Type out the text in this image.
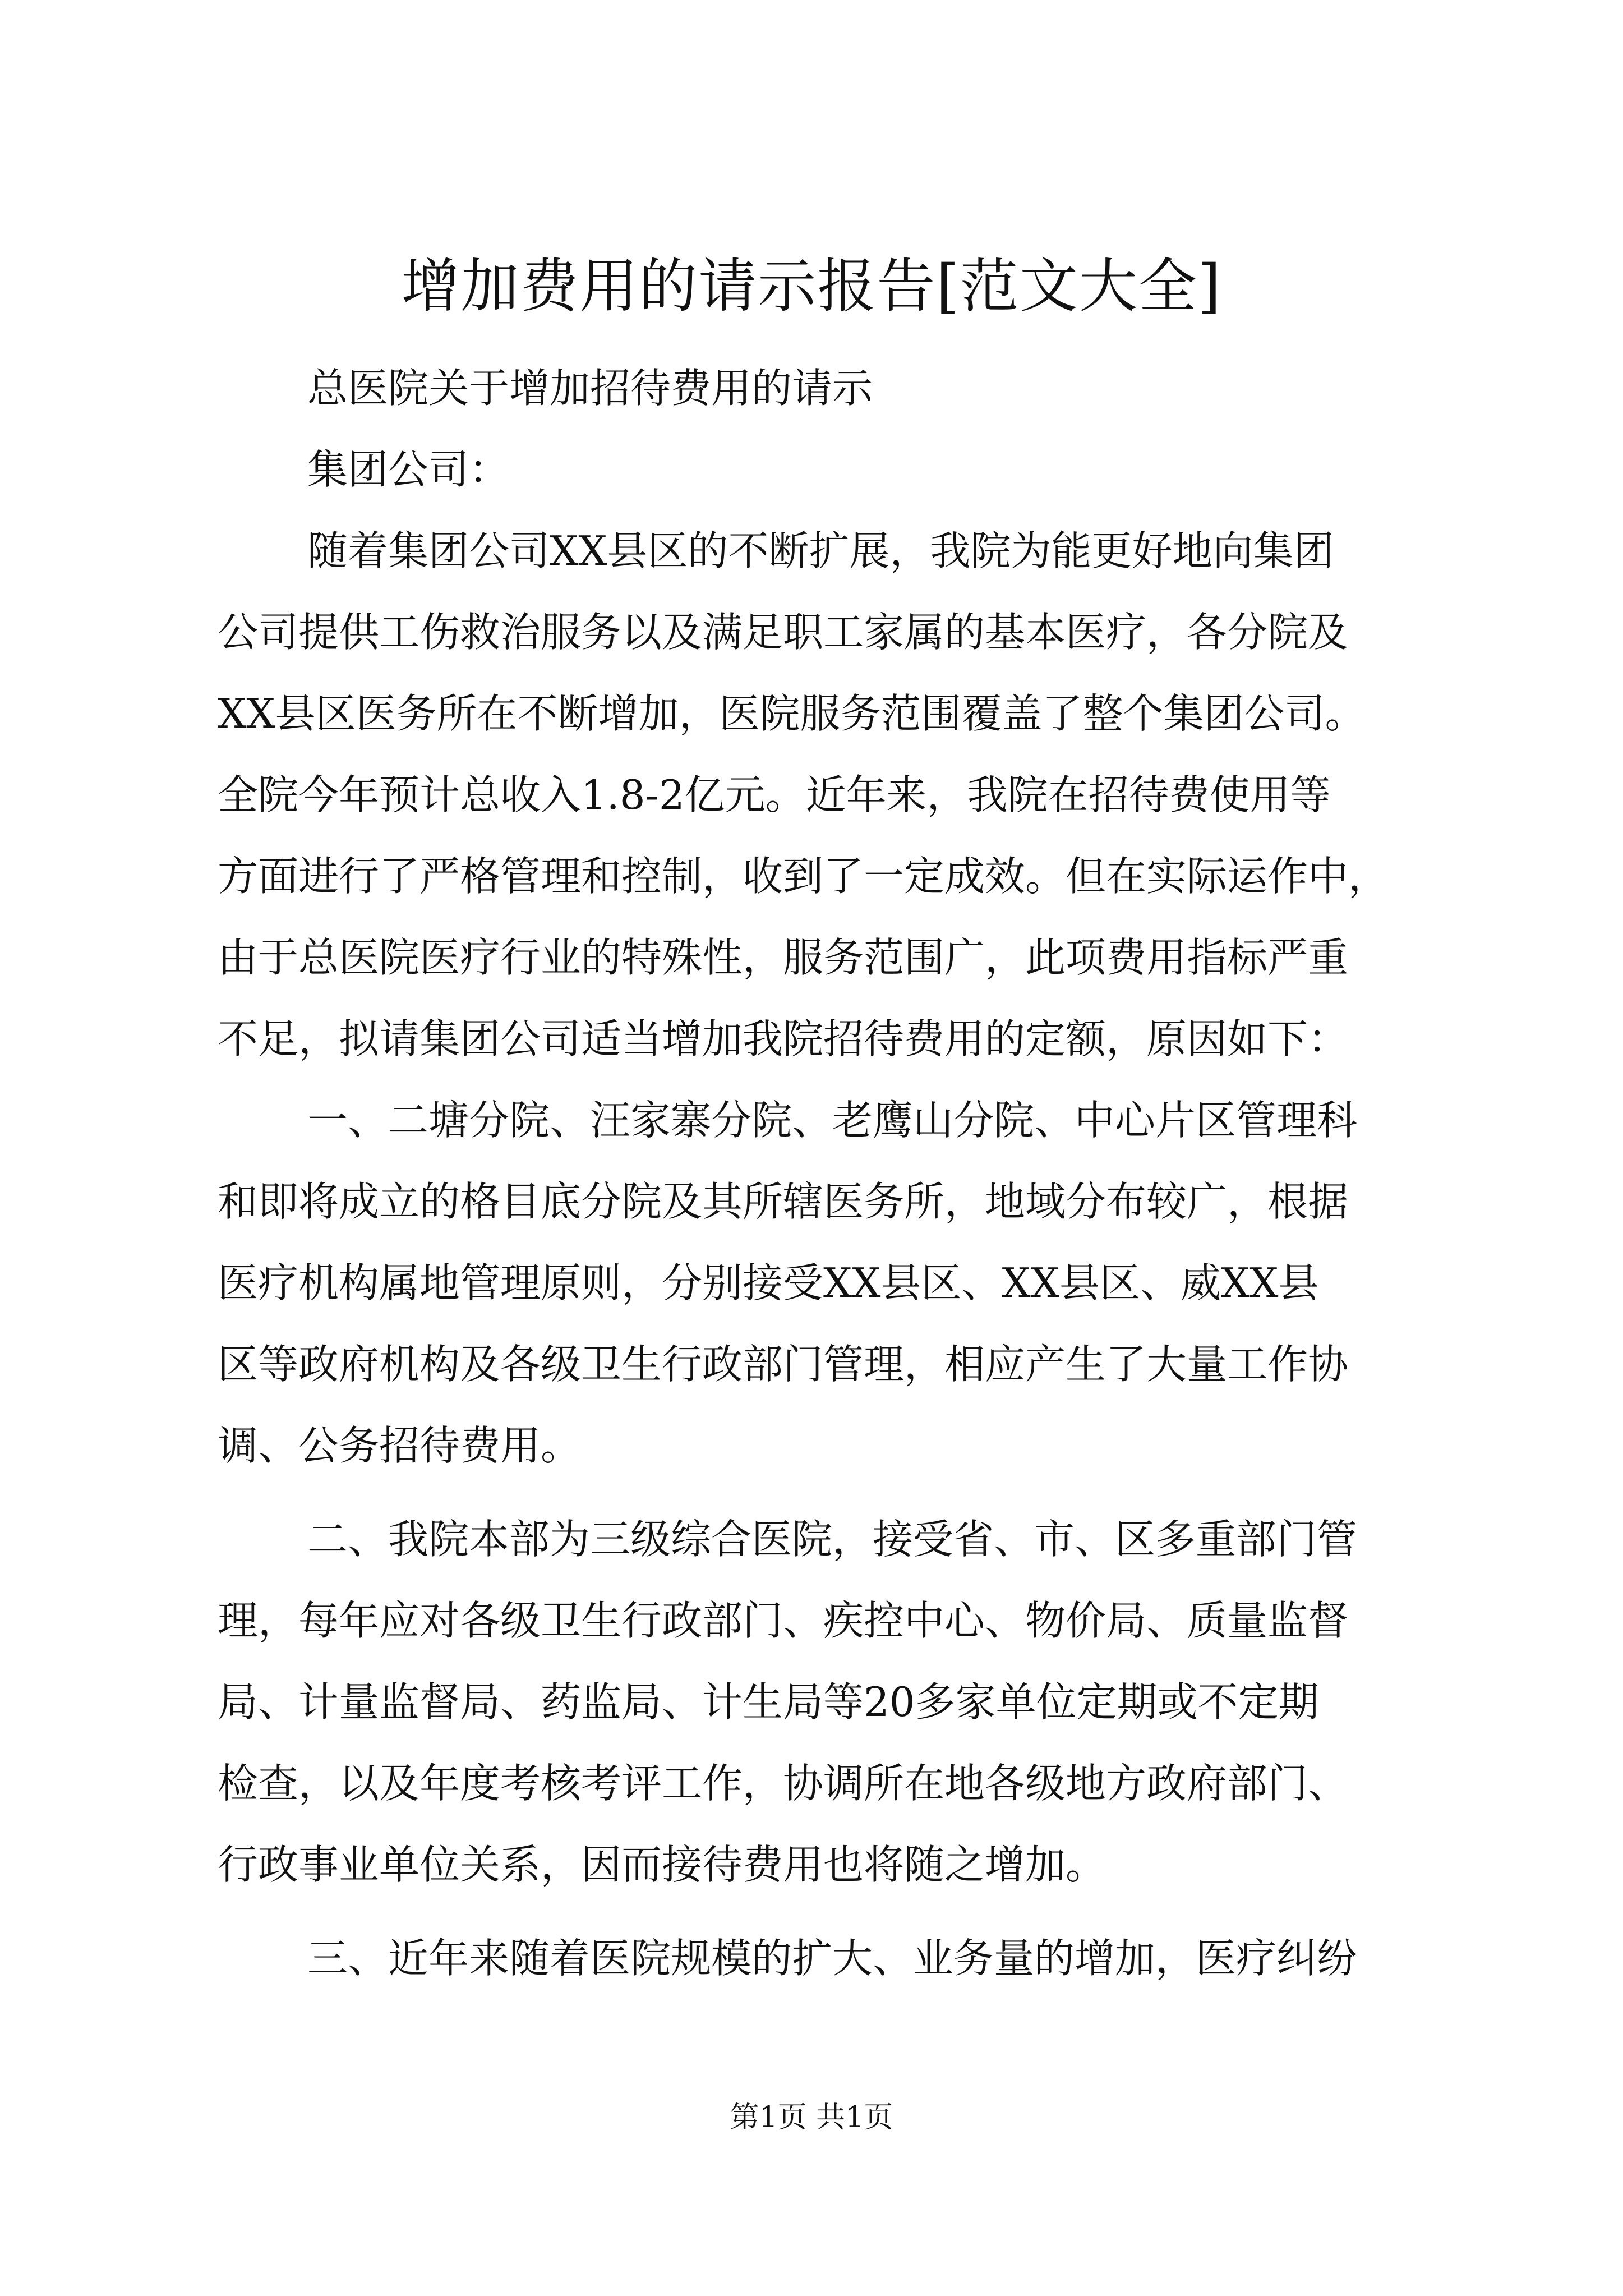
增加费用的请示报告[范文大全]
总医院关于增加招待费用的请示
集团公司：
随着集团公司XX县区的不断扩展，我院为能更好地向集团
公司提供工伤救治服务以及满足职工家属的基本医疗，各分院及
XX县区医务所在不断增加，医院服务范围覆盖了整个集团公司。
全院今年预计总收入1.8-2亿元。近年来，我院在招待费使用等
方面进行了严格管理和控制，收到了一定成效。但在实际运作中，
由于总医院医疗行业的特殊性，服务范围广，此项费用指标严重
不足，拟请集团公司适当增加我院招待费用的定额，原因如下：
一、二塘分院、汪家寨分院、老鹰山分院、中心片区管理科
和即将成立的格目底分院及其所辖医务所，地域分布较广，根据
医疗机构属地管理原则，分别接受XX县区、XX县区、威XX县
区等政府机构及各级卫生行政部门管理，相应产生了大量工作协
调、公务招待费用。
二、我院本部为三级综合医院，接受省、市、区多重部门管
理，每年应对各级卫生行政部门、疾控中心、物价局、质量监督
局、计量监督局、药监局、计生局等20多家单位定期或不定期
检查，以及年度考核考评工作，协调所在地各级地方政府部门、
行政事业单位关系，因而接待费用也将随之增加。
三、近年来随着医院规模的扩大、业务量的增加，医疗纠纷
第1页 共1页
